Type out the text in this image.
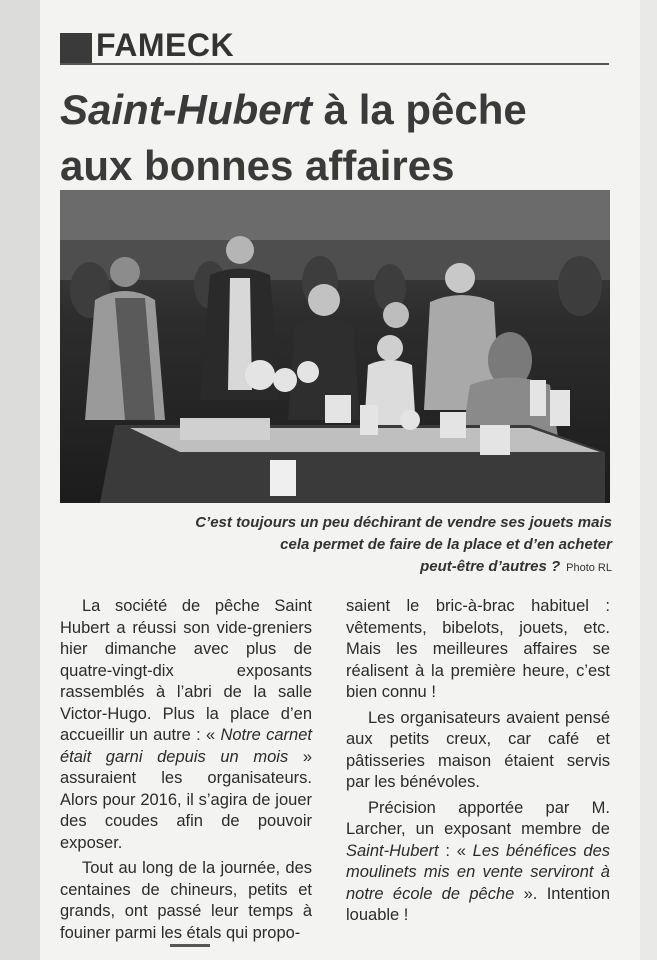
FAMECK
Saint-Hubert à la pêche
aux bonnes affaires
C’est toujours un peu déchirant de vendre ses jouets mais
cela permet de faire de la place et d’en acheter
peut-être d’autres ? Photo RL

La société de pêche Saint Hubert a réussi son vide-greniers hier dimanche avec plus de quatre-vingt-dix exposants rassemblés à l’abri de la salle Victor-Hugo. Plus la place d’en accueillir un autre : « Notre carnet était garni depuis un mois » assuraient les organisateurs. Alors pour 2016, il s’agira de jouer des coudes afin de pouvoir exposer.

Tout au long de la journée, des centaines de chineurs, petits et grands, ont passé leur temps à fouiner parmi les étals qui propo-

saient le bric-à-brac habituel : vêtements, bibelots, jouets, etc. Mais les meilleures affaires se réalisent à la première heure, c’est bien connu !

Les organisateurs avaient pensé aux petits creux, car café et pâtisseries maison étaient servis par les bénévoles.

Précision apportée par M. Larcher, un exposant membre de Saint-Hubert : « Les bénéfices des moulinets mis en vente serviront à notre école de pêche ». Intention louable !
